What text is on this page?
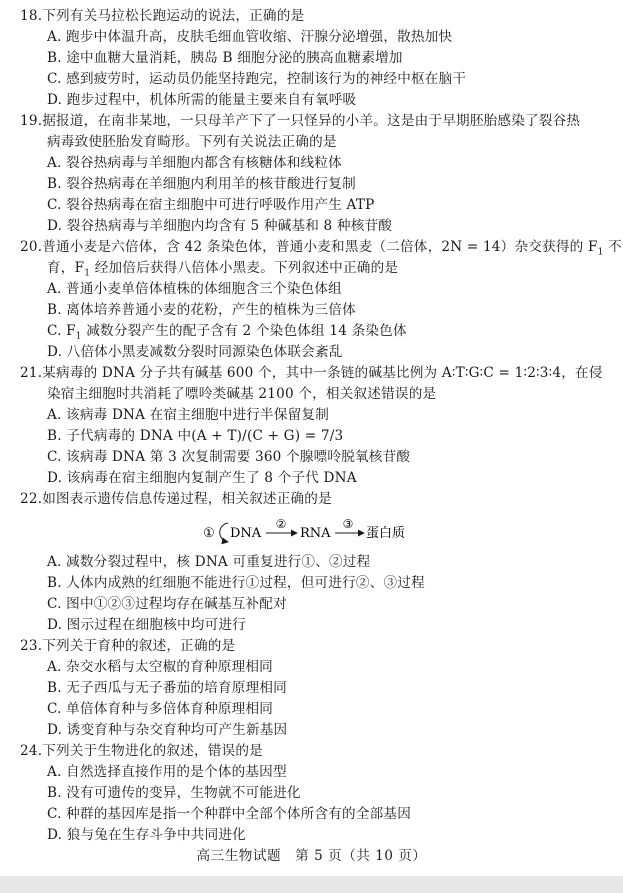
18.下列有关马拉松长跑运动的说法，正确的是
A. 跑步中体温升高，皮肤毛细血管收缩、汗腺分泌增强，散热加快
B. 途中血糖大量消耗，胰岛 B 细胞分泌的胰高血糖素增加
C. 感到疲劳时，运动员仍能坚持跑完，控制该行为的神经中枢在脑干
D. 跑步过程中，机体所需的能量主要来自有氧呼吸
19.据报道，在南非某地，一只母羊产下了一只怪异的小羊。这是由于早期胚胎感染了裂谷热
病毒致使胚胎发育畸形。下列有关说法正确的是
A. 裂谷热病毒与羊细胞内都含有核糖体和线粒体
B. 裂谷热病毒在羊细胞内利用羊的核苷酸进行复制
C. 裂谷热病毒在宿主细胞中可进行呼吸作用产生 ATP
D. 裂谷热病毒与羊细胞内均含有 5 种碱基和 8 种核苷酸
20.普通小麦是六倍体，含 42 条染色体，普通小麦和黑麦（二倍体，2N = 14）杂交获得的 $F_1$ 不
育，$F_1$ 经加倍后获得八倍体小黑麦。下列叙述中正确的是
A. 普通小麦单倍体植株的体细胞含三个染色体组
B. 离体培养普通小麦的花粉，产生的植株为三倍体
C. $F_1$ 减数分裂产生的配子含有 2 个染色体组 14 条染色体
D. 八倍体小黑麦减数分裂时同源染色体联会紊乱
21.某病毒的 DNA 分子共有碱基 600 个，其中一条链的碱基比例为 A∶T∶G∶C = 1∶2∶3∶4，在侵
染宿主细胞时共消耗了嘌呤类碱基 2100 个，相关叙述错误的是
A. 该病毒 DNA 在宿主细胞中进行半保留复制
B. 子代病毒的 DNA 中(A + T)/(C + G) = 7/3
C. 该病毒 DNA 第 3 次复制需要 360 个腺嘌呤脱氧核苷酸
D. 该病毒在宿主细胞内复制产生了 8 个子代 DNA
22.如图表示遗传信息传递过程，相关叙述正确的是
① DNA
②
RNA
③
蛋白质
A. 减数分裂过程中，核 DNA 可重复进行①、②过程
B. 人体内成熟的红细胞不能进行①过程，但可进行②、③过程
C. 图中①②③过程均存在碱基互补配对
D. 图示过程在细胞核中均可进行
23.下列关于育种的叙述，正确的是
A. 杂交水稻与太空椒的育种原理相同
B. 无子西瓜与无子番茄的培育原理相同
C. 单倍体育种与多倍体育种原理相同
D. 诱变育种与杂交育种均可产生新基因
24.下列关于生物进化的叙述，错误的是
A. 自然选择直接作用的是个体的基因型
B. 没有可遗传的变异，生物就不可能进化
C. 种群的基因库是指一个种群中全部个体所含有的全部基因
D. 狼与兔在生存斗争中共同进化
高三生物试题　第 5 页（共 10 页）
